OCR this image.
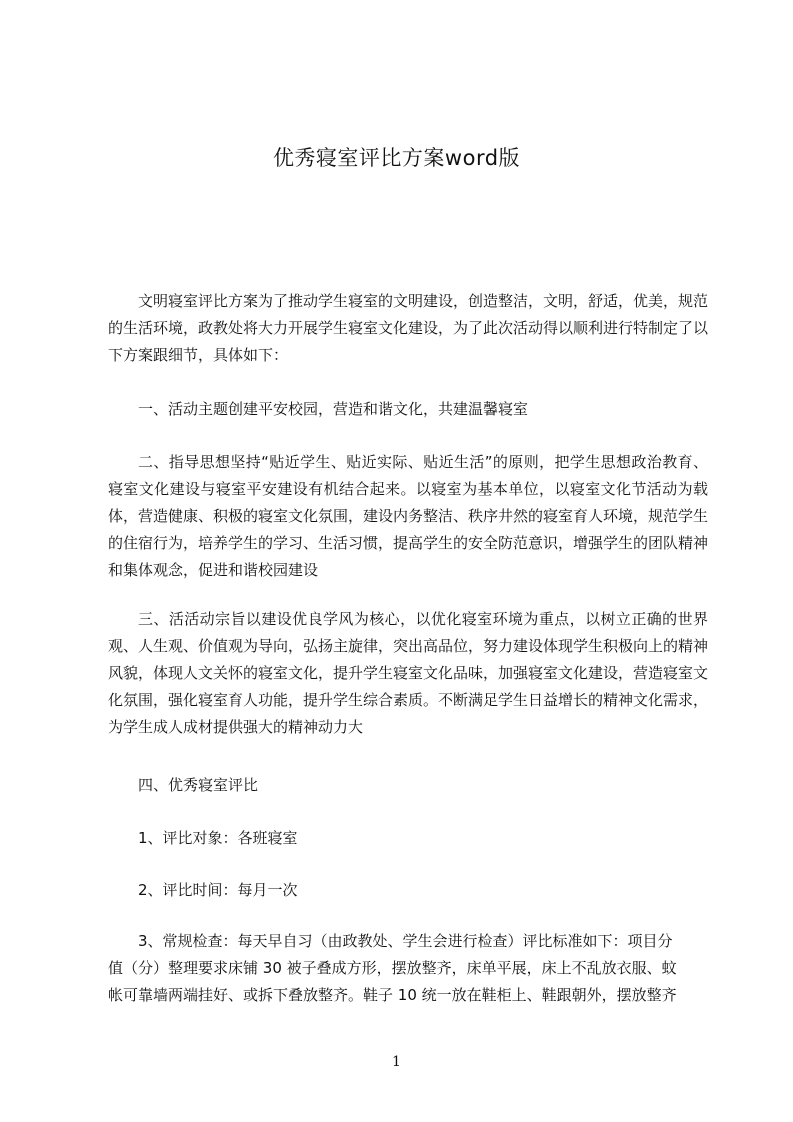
优秀寝室评比方案word版

文明寝室评比方案为了推动学生寝室的文明建设，创造整洁，文明，舒适，优美，规范的生活环境，政教处将大力开展学生寝室文化建设，为了此次活动得以顺利进行特制定了以下方案跟细节，具体如下：

一、活动主题创建平安校园，营造和谐文化，共建温馨寝室

二、指导思想坚持“贴近学生、贴近实际、贴近生活”的原则，把学生思想政治教育、寝室文化建设与寝室平安建设有机结合起来。以寝室为基本单位，以寝室文化节活动为载体，营造健康、积极的寝室文化氛围，建设内务整洁、秩序井然的寝室育人环境，规范学生的住宿行为，培养学生的学习、生活习惯，提高学生的安全防范意识，增强学生的团队精神和集体观念，促进和谐校园建设

三、活活动宗旨以建设优良学风为核心，以优化寝室环境为重点，以树立正确的世界观、人生观、价值观为导向，弘扬主旋律，突出高品位，努力建设体现学生积极向上的精神风貌，体现人文关怀的寝室文化，提升学生寝室文化品味，加强寝室文化建设，营造寝室文化氛围，强化寝室育人功能，提升学生综合素质。不断满足学生日益增长的精神文化需求，为学生成人成材提供强大的精神动力大

四、优秀寝室评比

1、评比对象：各班寝室

2、评比时间：每月一次

3、常规检查：每天早自习（由政教处、学生会进行检查）评比标准如下：项目分
值（分）整理要求床铺 30 被子叠成方形，摆放整齐，床单平展，床上不乱放衣服、蚊
帐可靠墙两端挂好、或拆下叠放整齐。鞋子 10 统一放在鞋柜上、鞋跟朝外，摆放整齐
1
